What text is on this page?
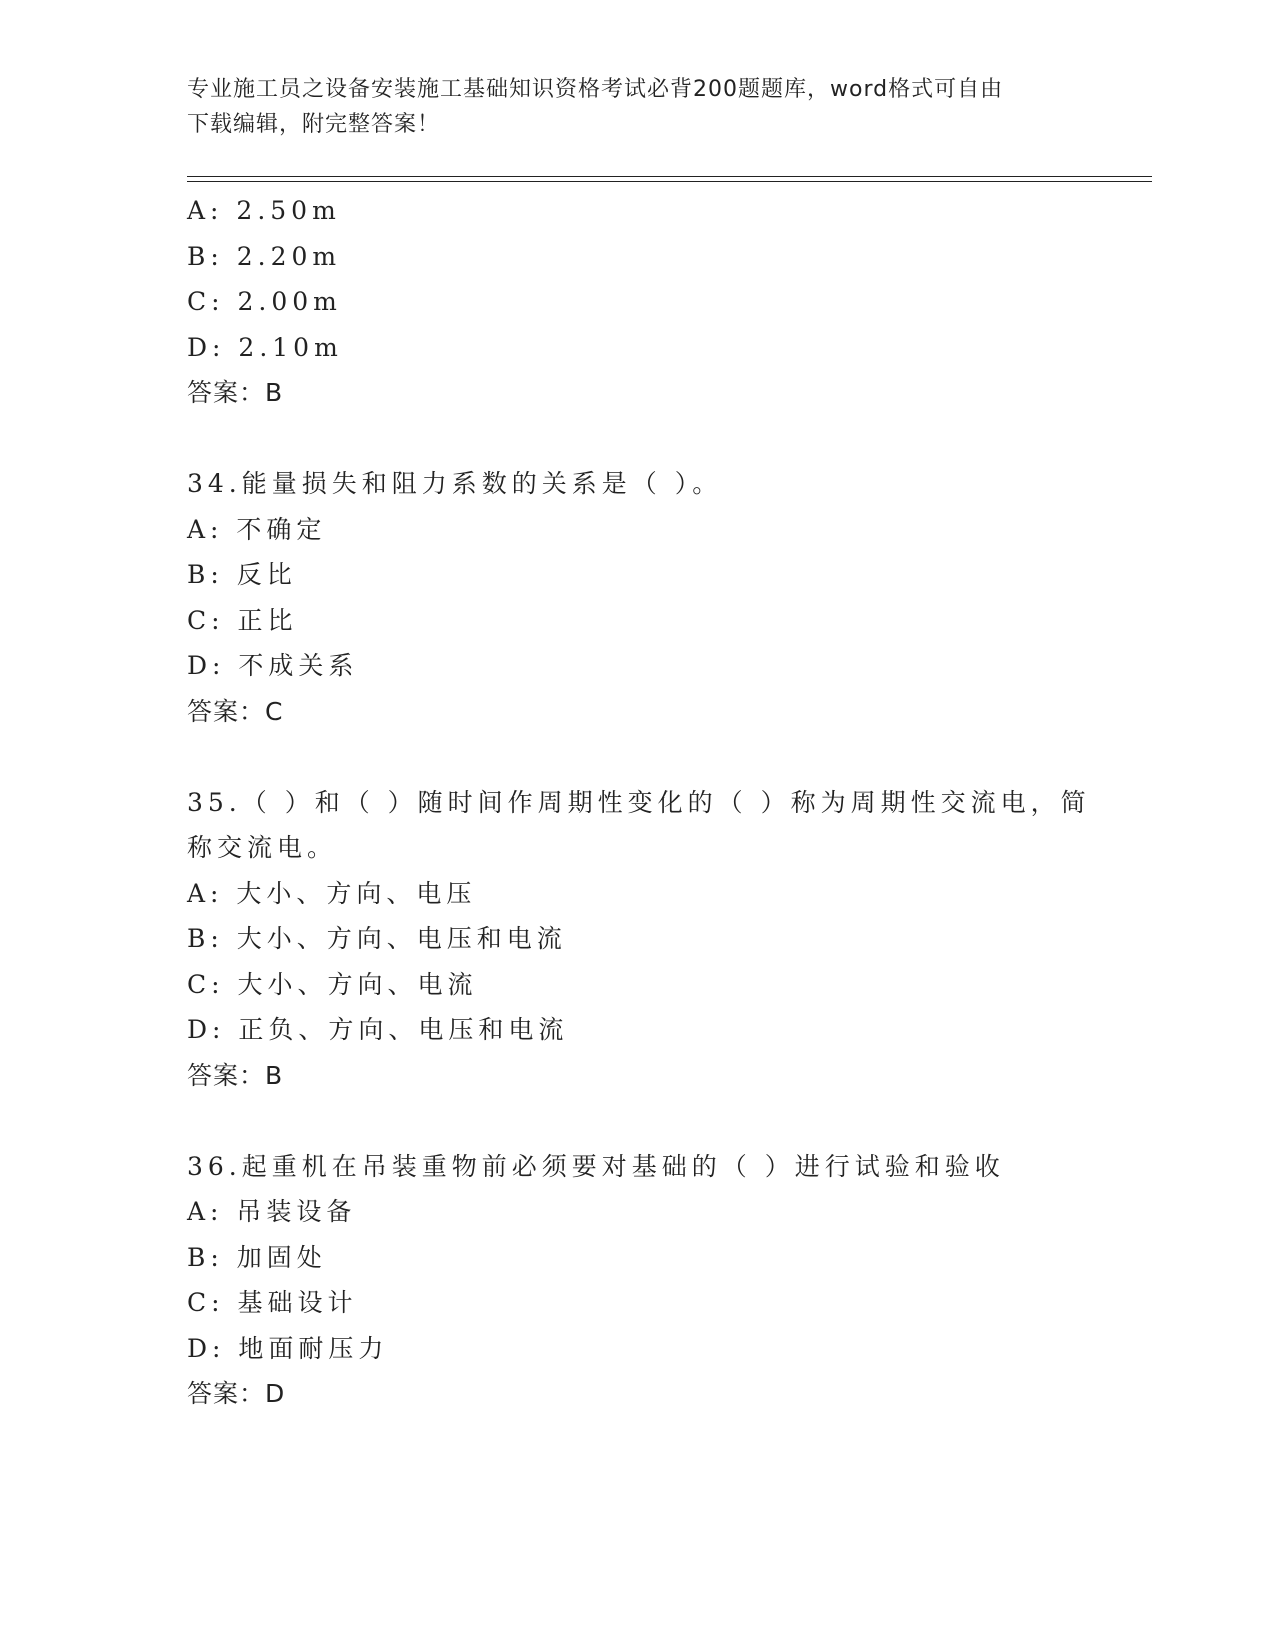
专业施工员之设备安装施工基础知识资格考试必背200题题库，word格式可自由
下载编辑，附完整答案！
A: 2.50m
B: 2.20m
C: 2.00m
D: 2.10m
答案：B
34.能量损失和阻力系数的关系是（ ）。
A: 不确定
B: 反比
C: 正比
D: 不成关系
答案：C
35.（ ）和（ ）随时间作周期性变化的（ ）称为周期性交流电，简
称交流电。
A: 大小、方向、电压
B: 大小、方向、电压和电流
C: 大小、方向、电流
D: 正负、方向、电压和电流
答案：B
36.起重机在吊装重物前必须要对基础的（ ）进行试验和验收
A: 吊装设备
B: 加固处
C: 基础设计
D: 地面耐压力
答案：D
